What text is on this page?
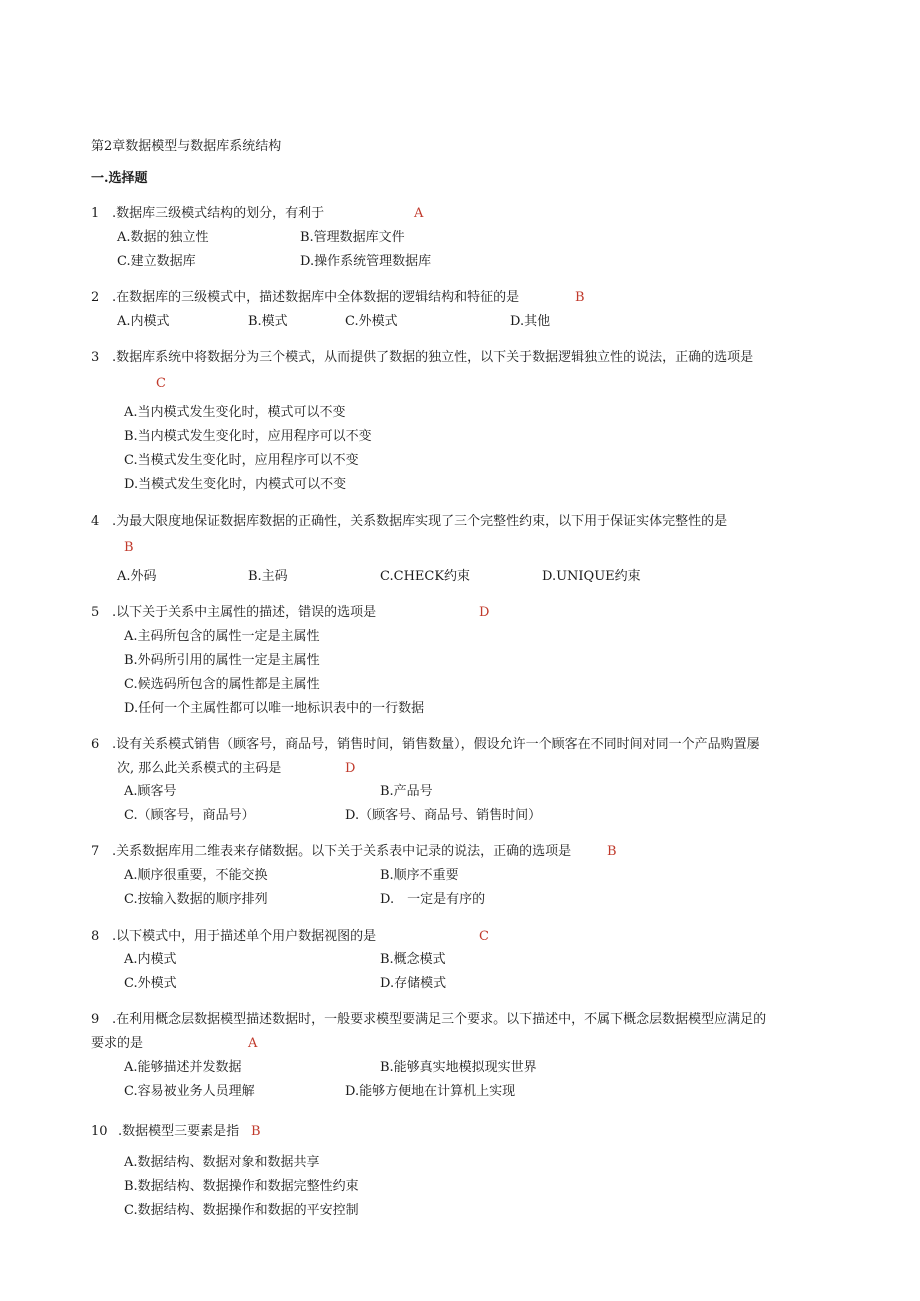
第2章数据模型与数据库系统结构
一.选择题
1 .数据库三级模式结构的划分，有利于	A
A.数据的独立性	B.管理数据库文件
C.建立数据库	D.操作系统管理数据库
2 .在数据库的三级模式中，描述数据库中全体数据的逻辑结构和特征的是	B
A.内模式	B.模式	C.外模式	D.其他
3 .数据库系统中将数据分为三个模式，从而提供了数据的独立性，以下关于数据逻辑独立性的说法，正确的选项是
C
A.当内模式发生变化时，模式可以不变
B.当内模式发生变化时，应用程序可以不变
C.当模式发生变化时，应用程序可以不变
D.当模式发生变化时，内模式可以不变
4 .为最大限度地保证数据库数据的正确性，关系数据库实现了三个完整性约束，以下用于保证实体完整性的是
B
A.外码	B.主码	C.CHECK约束	D.UNIQUE约束
5 .以下关于关系中主属性的描述，错误的选项是	D
A.主码所包含的属性一定是主属性
B.外码所引用的属性一定是主属性
C.候选码所包含的属性都是主属性
D.任何一个主属性都可以唯一地标识表中的一行数据
6 .设有关系模式销售（顾客号，商品号，销售时间，销售数量），假设允许一个顾客在不同时间对同一个产品购置屡
次, 那么此关系模式的主码是	D
A.顾客号	B.产品号
C.（顾客号，商品号）	D.（顾客号、商品号、销售时间）
7 .关系数据库用二维表来存储数据。以下关于关系表中记录的说法，正确的选项是	B
A.顺序很重要，不能交换	B.顺序不重要
C.按输入数据的顺序排列	D.　一定是有序的
8 .以下模式中，用于描述单个用户数据视图的是	C
A.内模式	B.概念模式
C.外模式	D.存储模式
9 .在利用概念层数据模型描述数据时，一般要求模型要满足三个要求。以下描述中，不属下概念层数据模型应满足的
要求的是	A
A.能够描述并发数据	B.能够真实地模拟现实世界
C.容易被业务人员理解	D.能够方便地在计算机上实现
10 .数据模型三要素是指 B
A.数据结构、数据对象和数据共享
B.数据结构、数据操作和数据完整性约束
C.数据结构、数据操作和数据的平安控制
